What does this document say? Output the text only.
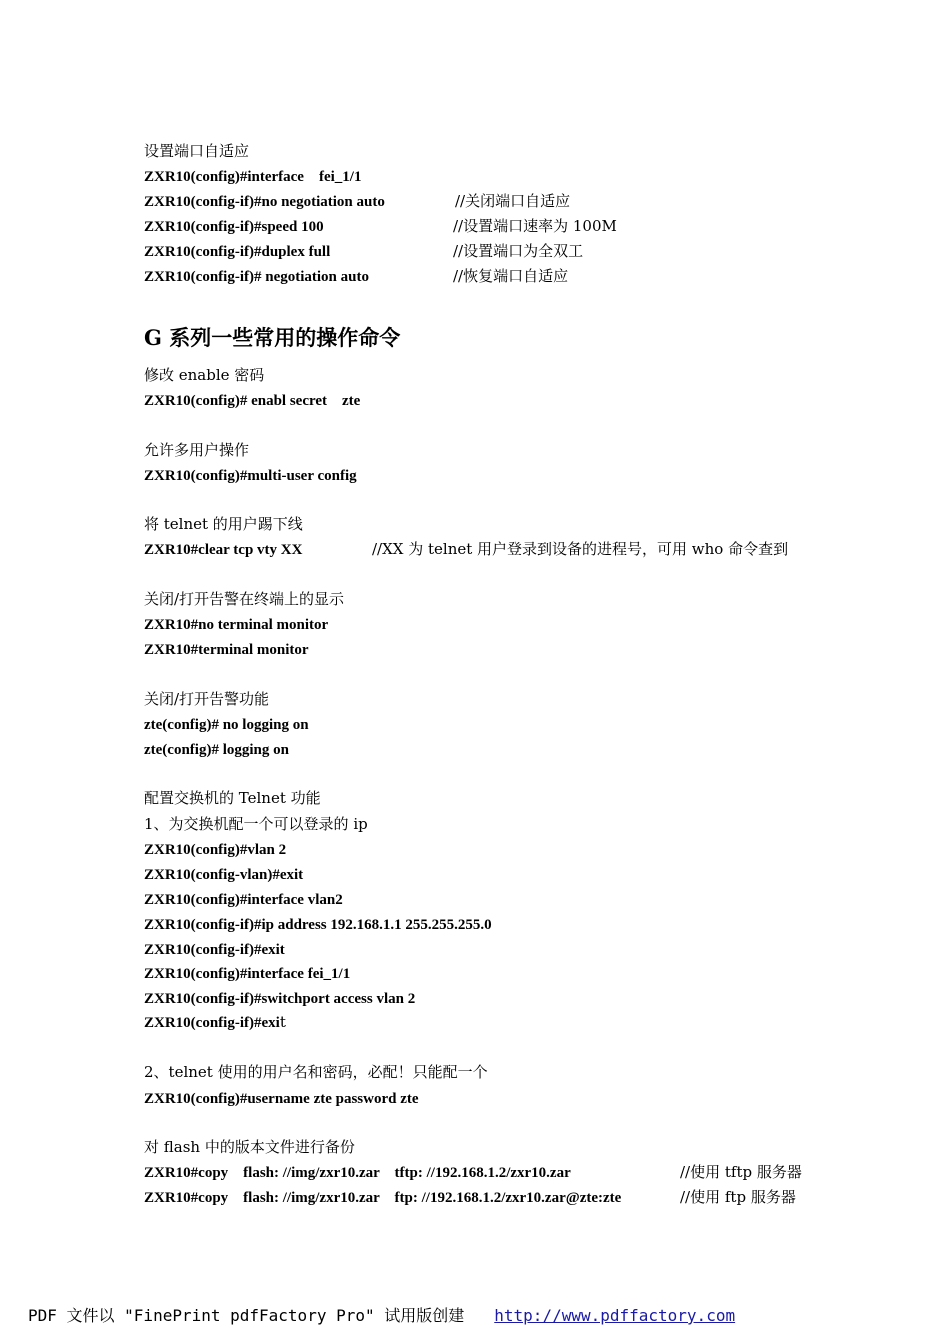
设置端口自适应
ZXR10(config)#interface　fei_1/1
ZXR10(config-if)#no negotiation auto	//关闭端口自适应
ZXR10(config-if)#speed 100	//设置端口速率为 100M
ZXR10(config-if)#duplex full	//设置端口为全双工
ZXR10(config-if)# negotiation auto	//恢复端口自适应
G 系列一些常用的操作命令
修改 enable 密码
ZXR10(config)# enabl secret　zte
允许多用户操作
ZXR10(config)#multi-user config
将 telnet 的用户踢下线
ZXR10#clear tcp vty XX	//XX 为 telnet 用户登录到设备的进程号，可用 who 命令查到
关闭/打开告警在终端上的显示
ZXR10#no terminal monitor
ZXR10#terminal monitor
关闭/打开告警功能
zte(config)# no logging on
zte(config)# logging on
配置交换机的 Telnet 功能
1、为交换机配一个可以登录的 ip
ZXR10(config)#vlan 2
ZXR10(config-vlan)#exit
ZXR10(config)#interface vlan2
ZXR10(config-if)#ip address 192.168.1.1 255.255.255.0
ZXR10(config-if)#exit
ZXR10(config)#interface fei_1/1
ZXR10(config-if)#switchport access vlan 2
ZXR10(config-if)#exit
2、telnet 使用的用户名和密码，必配！只能配一个
ZXR10(config)#username zte password zte
对 flash 中的版本文件进行备份
ZXR10#copy　flash: //img/zxr10.zar　tftp: //192.168.1.2/zxr10.zar	//使用 tftp 服务器
ZXR10#copy　flash: //img/zxr10.zar　ftp: //192.168.1.2/zxr10.zar@zte:zte	//使用 ftp 服务器
PDF 文件以 "FinePrint pdfFactory Pro" 试用版创建 http://www.pdffactory.com
